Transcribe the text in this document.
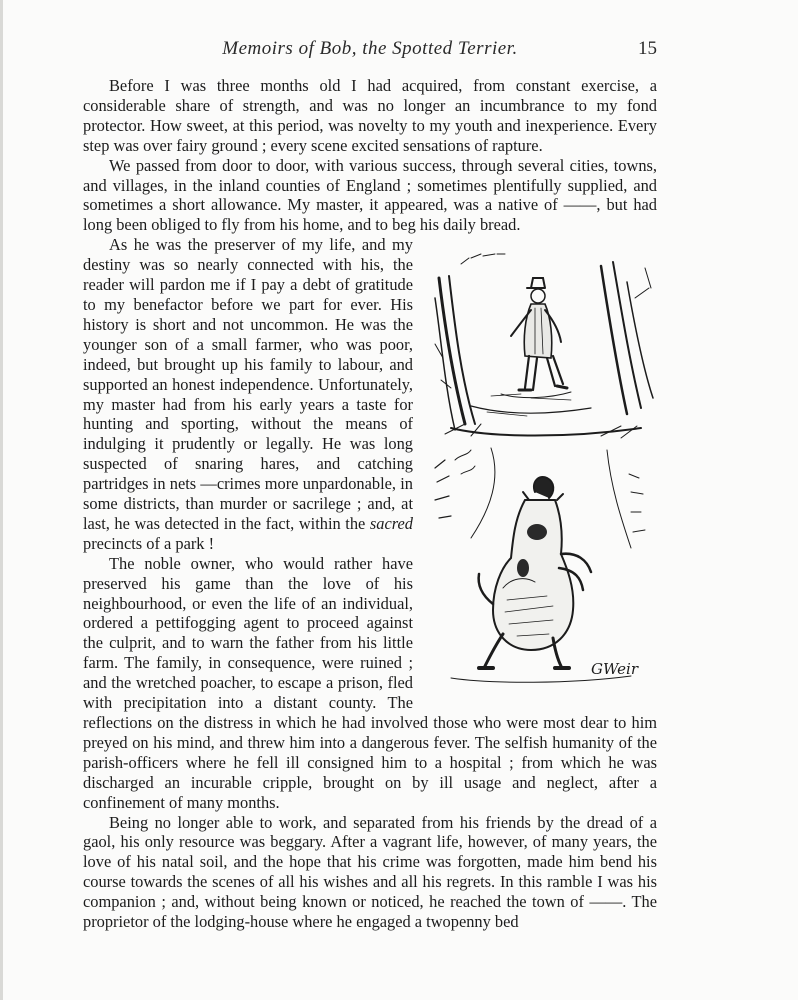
Memoirs of Bob, the Spotted Terrier.	15

Before I was three months old I had acquired, from constant exercise, a considerable share of strength, and was no longer an incumbrance to my fond protector. How sweet, at this period, was novelty to my youth and inexperience. Every step was over fairy ground ; every scene excited sensations of rapture.

We passed from door to door, with various success, through several cities, towns, and villages, in the inland counties of England ; sometimes plentifully supplied, and sometimes a short allowance. My master, it appeared, was a native of ——, but had long been obliged to fly from his home, and to beg his daily bread.

GWeir
As he was the preserver of my life, and my destiny was so nearly connected with his, the reader will pardon me if I pay a debt of gratitude to my benefactor before we part for ever. His history is short and not uncommon. He was the younger son of a small farmer, who was poor, indeed, but brought up his family to labour, and supported an honest independence. Unfortunately, my master had from his early years a taste for hunting and sporting, without the means of indulging it prudently or legally. He was long suspected of snaring hares, and catching partridges in nets —crimes more unpardonable, in some districts, than murder or sacrilege ; and, at last, he was detected in the fact, within the sacred precincts of a park !

The noble owner, who would rather have preserved his game than the love of his neighbourhood, or even the life of an individual, ordered a pettifogging agent to proceed against the culprit, and to warn the father from his little farm. The family, in consequence, were ruined ; and the wretched poacher, to escape a prison, fled with precipitation into a distant county. The reflections on the distress in which he had involved those who were most dear to him preyed on his mind, and threw him into a dangerous fever. The selfish humanity of the parish-officers where he fell ill consigned him to a hospital ; from which he was discharged an incurable cripple, brought on by ill usage and neglect, after a confinement of many months.

Being no longer able to work, and separated from his friends by the dread of a gaol, his only resource was beggary. After a vagrant life, however, of many years, the love of his natal soil, and the hope that his crime was forgotten, made him bend his course towards the scenes of all his wishes and all his regrets. In this ramble I was his companion ; and, without being known or noticed, he reached the town of ——. The proprietor of the lodging-house where he engaged a twopenny bed
